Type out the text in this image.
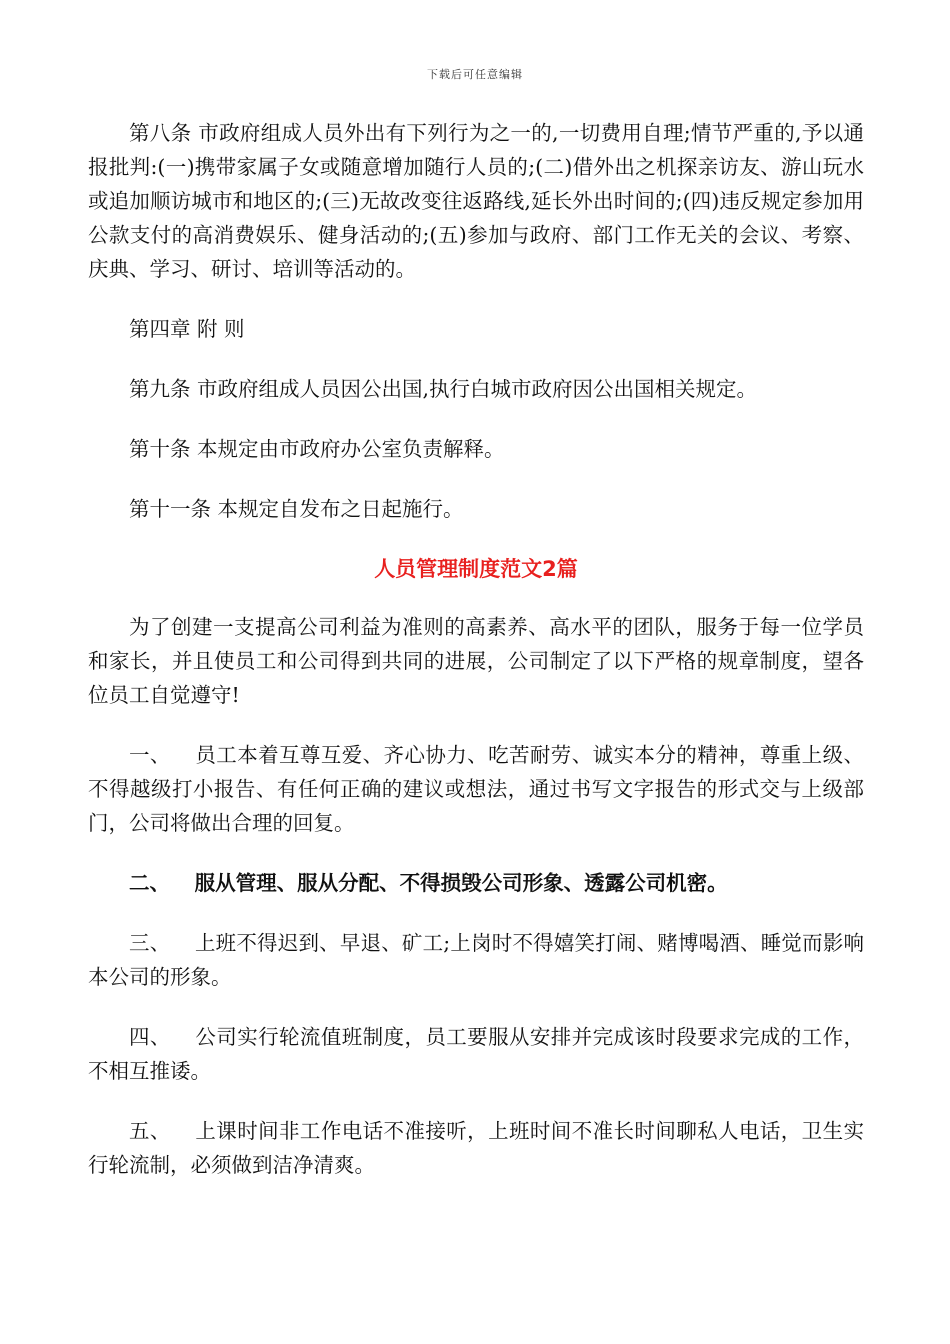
下载后可任意编辑

第八条 市政府组成人员外出有下列行为之一的,一切费用自理;情节严重的,予以通报批判:(一)携带家属子女或随意增加随行人员的;(二)借外出之机探亲访友、游山玩水或追加顺访城市和地区的;(三)无故改变往返路线,延长外出时间的;(四)违反规定参加用公款支付的高消费娱乐、健身活动的;(五)参加与政府、部门工作无关的会议、考察、庆典、学习、研讨、培训等活动的。

第四章 附 则

第九条 市政府组成人员因公出国,执行白城市政府因公出国相关规定。

第十条 本规定由市政府办公室负责解释。

第十一条 本规定自发布之日起施行。

人员管理制度范文2篇

为了创建一支提高公司利益为准则的高素养、高水平的团队，服务于每一位学员和家长，并且使员工和公司得到共同的进展，公司制定了以下严格的规章制度，望各位员工自觉遵守!

一、 员工本着互尊互爱、齐心协力、吃苦耐劳、诚实本分的精神，尊重上级、不得越级打小报告、有任何正确的建议或想法，通过书写文字报告的形式交与上级部门，公司将做出合理的回复。

二、 服从管理、服从分配、不得损毁公司形象、透露公司机密。

三、 上班不得迟到、早退、矿工;上岗时不得嬉笑打闹、赌博喝酒、睡觉而影响本公司的形象。

四、 公司实行轮流值班制度，员工要服从安排并完成该时段要求完成的工作，不相互推诿。

五、 上课时间非工作电话不准接听，上班时间不准长时间聊私人电话，卫生实行轮流制，必须做到洁净清爽。
